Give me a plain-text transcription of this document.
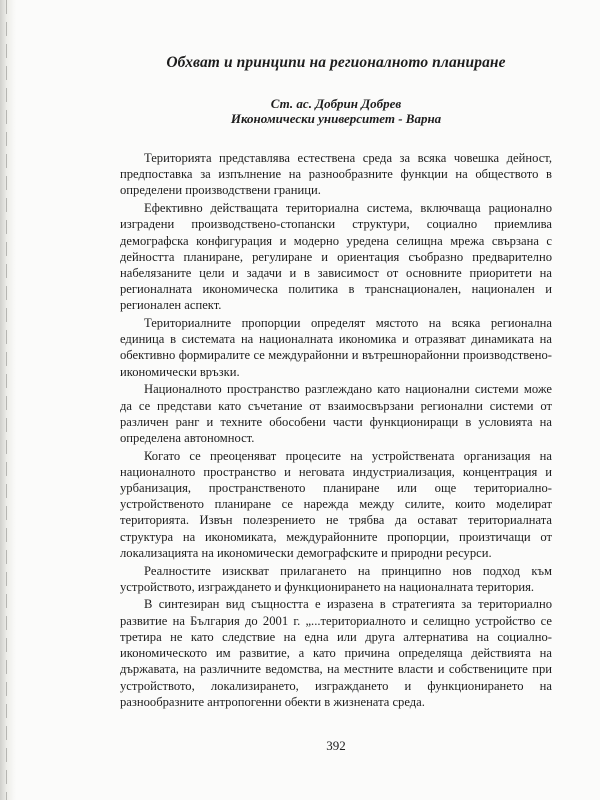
Обхват и принципи на регионалното планиране
Ст. ас. Добрин Добрев
Икономически университет - Варна

Територията представлява естествена среда за всяка човешка дейност, предпоставка за изпълнение на разнообразните функции на обществото в определени производствени граници.

Ефективно действащата териториална система, включваща рационално изградени производствено-стопански структури, социално приемлива демографска конфигурация и модерно уредена селищна мрежа свързана с дейността планиране, регулиране и ориентация съобразно предварително набелязаните цели и задачи и в зависимост от основните приоритети на регионалната икономическа политика в транснационален, национален и регионален аспект.

Териториалните пропорции определят мястото на всяка регионална единица в системата на националната икономика и отразяват динамиката на обективно формиралите се междурайонни и вътрешнорайонни производствено-икономически връзки.

Националното пространство разглеждано като национални системи може да се представи като съчетание от взаимосвързани регионални системи от различен ранг и техните обособени части функциониращи в условията на определена автономност.

Когато се преоценяват процесите на устройствената организация на националното пространство и неговата индустриализация, концентрация и урбанизация, пространственото планиране или още териториално-устройственото планиране се нарежда между силите, които моделират територията. Извън полезрението не трябва да остават териториалната структура на икономиката, междурайонните пропорции, произтичащи от локализацията на икономически демографските и природни ресурси.

Реалностите изискват прилагането на принципно нов подход към устройството, изграждането и функционирането на националната територия.

В синтезиран вид същността е изразена в стратегията за териториално развитие на България до 2001 г. „...териториалното и селищно устройство се третира не като следствие на една или друга алтернатива на социално-икономическото им развитие, а като причина определяща действията на държавата, на различните ведомства, на местните власти и собствениците при устройството, локализирането, изграждането и функционирането на разнообразните антропогенни обекти в жизнената среда.

392
